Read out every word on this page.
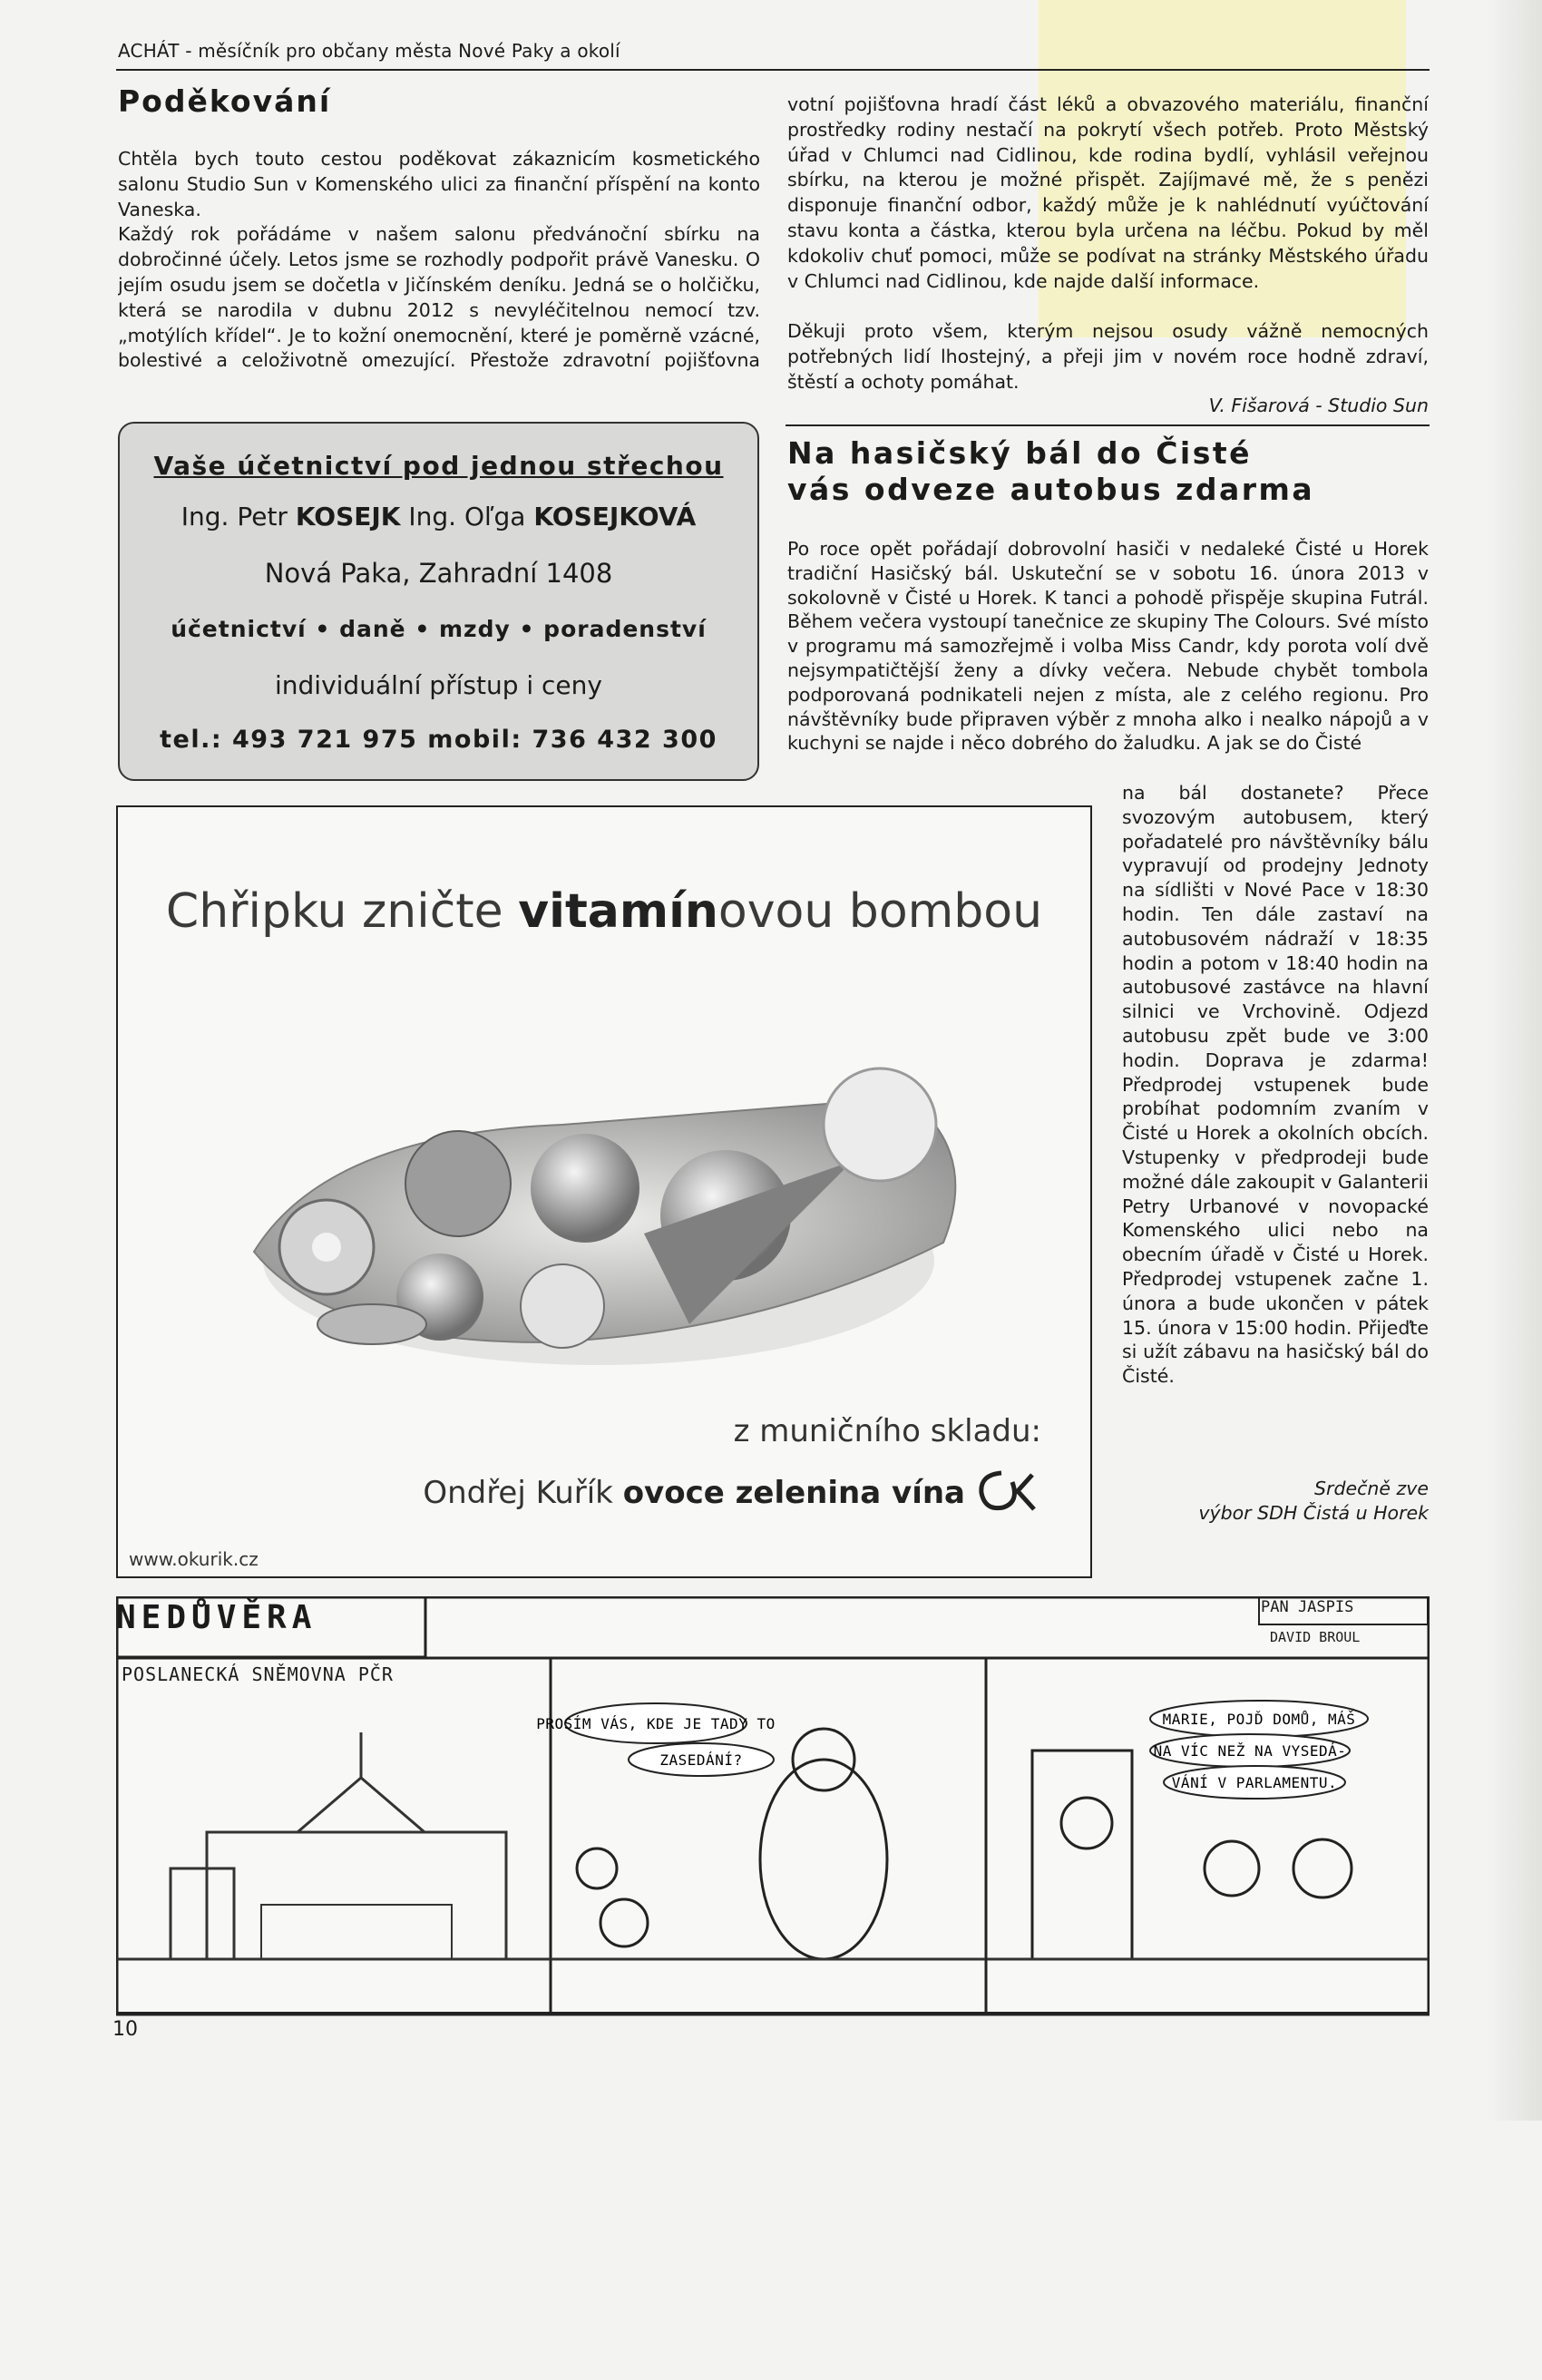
ACHÁT - měsíčník pro občany města Nové Paky a okolí
Poděkování

Chtěla bych touto cestou poděkovat zákaznicím kosmetického salonu Studio Sun v Komenského ulici za finanční příspění na konto Vaneska.

Každý rok pořádáme v našem salonu předvánoční sbírku na dobročinné účely. Letos jsme se rozhodly podpořit právě Vanesku. O jejím osudu jsem se dočetla v Jičínském deníku. Jedná se o holčičku, která se narodila v dubnu 2012 s nevyléčitelnou nemocí tzv. „motýlích křídel“. Je to kožní onemocnění, které je poměrně vzácné, bolestivé a celoživotně omezující. Přestože zdravotní pojišťovna

votní pojišťovna hradí část léků a obvazového materiálu, finanční prostředky rodiny nestačí na pokrytí všech potřeb. Proto Městský úřad v Chlumci nad Cidlinou, kde rodina bydlí, vyhlásil veřejnou sbírku, na kterou je možné přispět. Zajíjmavé mě, že s penězi disponuje finanční odbor, každý může je k nahlédnutí vyúčtování stavu konta a částka, kterou byla určena na léčbu. Pokud by měl kdokoliv chuť pomoci, může se podívat na stránky Městského úřadu v Chlumci nad Cidlinou, kde najde další informace.

Děkuji proto všem, kterým nejsou osudy vážně nemocných potřebných lidí lhostejný, a přeji jim v novém roce hodně zdraví, štěstí a ochoty pomáhat.

V. Fišarová - Studio Sun
Vaše účetnictví pod jednou střechou
Ing. Petr KOSEJK Ing. Oľga KOSEJKOVÁ
Nová Paka, Zahradní 1408
účetnictví • daně • mzdy • poradenství
individuální přístup i ceny
tel.: 493 721 975 mobil: 736 432 300
Na hasičský bál do Čisté
vás odveze autobus zdarma
Po roce opět pořádají dobrovolní hasiči v nedaleké Čisté u Horek tradiční Hasičský bál. Uskuteční se v sobotu 16. února 2013 v sokolovně v Čisté u Horek. K tanci a pohodě přispěje skupina Futrál. Během večera vystoupí tanečnice ze skupiny The Colours. Své místo v programu má samozřejmě i volba Miss Candr, kdy porota volí dvě nejsympatičtější ženy a dívky večera. Nebude chybět tombola podporovaná podnikateli nejen z místa, ale z celého regionu. Pro návštěvníky bude připraven výběr z mnoha alko i nealko nápojů a v kuchyni se najde i něco dobrého do žaludku. A jak se do Čisté
na bál dostanete? Přece svozovým autobusem, který pořadatelé pro návštěvníky bálu vypravují od prodejny Jednoty na sídlišti v Nové Pace v 18:30 hodin. Ten dále zastaví na autobusovém nádraží v 18:35 hodin a potom v 18:40 hodin na autobusové zastávce na hlavní silnici ve Vrchovině. Odjezd autobusu zpět bude ve 3:00 hodin. Doprava je zdarma! Předprodej vstupenek bude probíhat podomním zvaním v Čisté u Horek a okolních obcích. Vstupenky v předprodeji bude možné dále zakoupit v Galanterii Petry Urbanové v novopacké Komenského ulici nebo na obecním úřadě v Čisté u Horek. Předprodej vstupenek začne 1. února a bude ukončen v pátek 15. února v 15:00 hodin. Přijeďte si užít zábavu na hasičský bál do Čisté.
Srdečně zve
výbor SDH Čistá u Horek
Chřipku zničte vitamínovou bombou
z muničního skladu:
Ondřej Kuřík ovoce zelenina vína
www.okurik.cz
PROSÍM VÁS, KDE JE TADY TO
ZASEDÁNÍ?
MARIE, POJĎ DOMŮ, MÁŠ
NA VÍC NEŽ NA VYSEDÁ-
VÁNÍ V PARLAMENTU.
NEDŮVĚRA	PAN JASPIS
DAVID BROUL
POSLANECKÁ SNĚMOVNA PČR
10
